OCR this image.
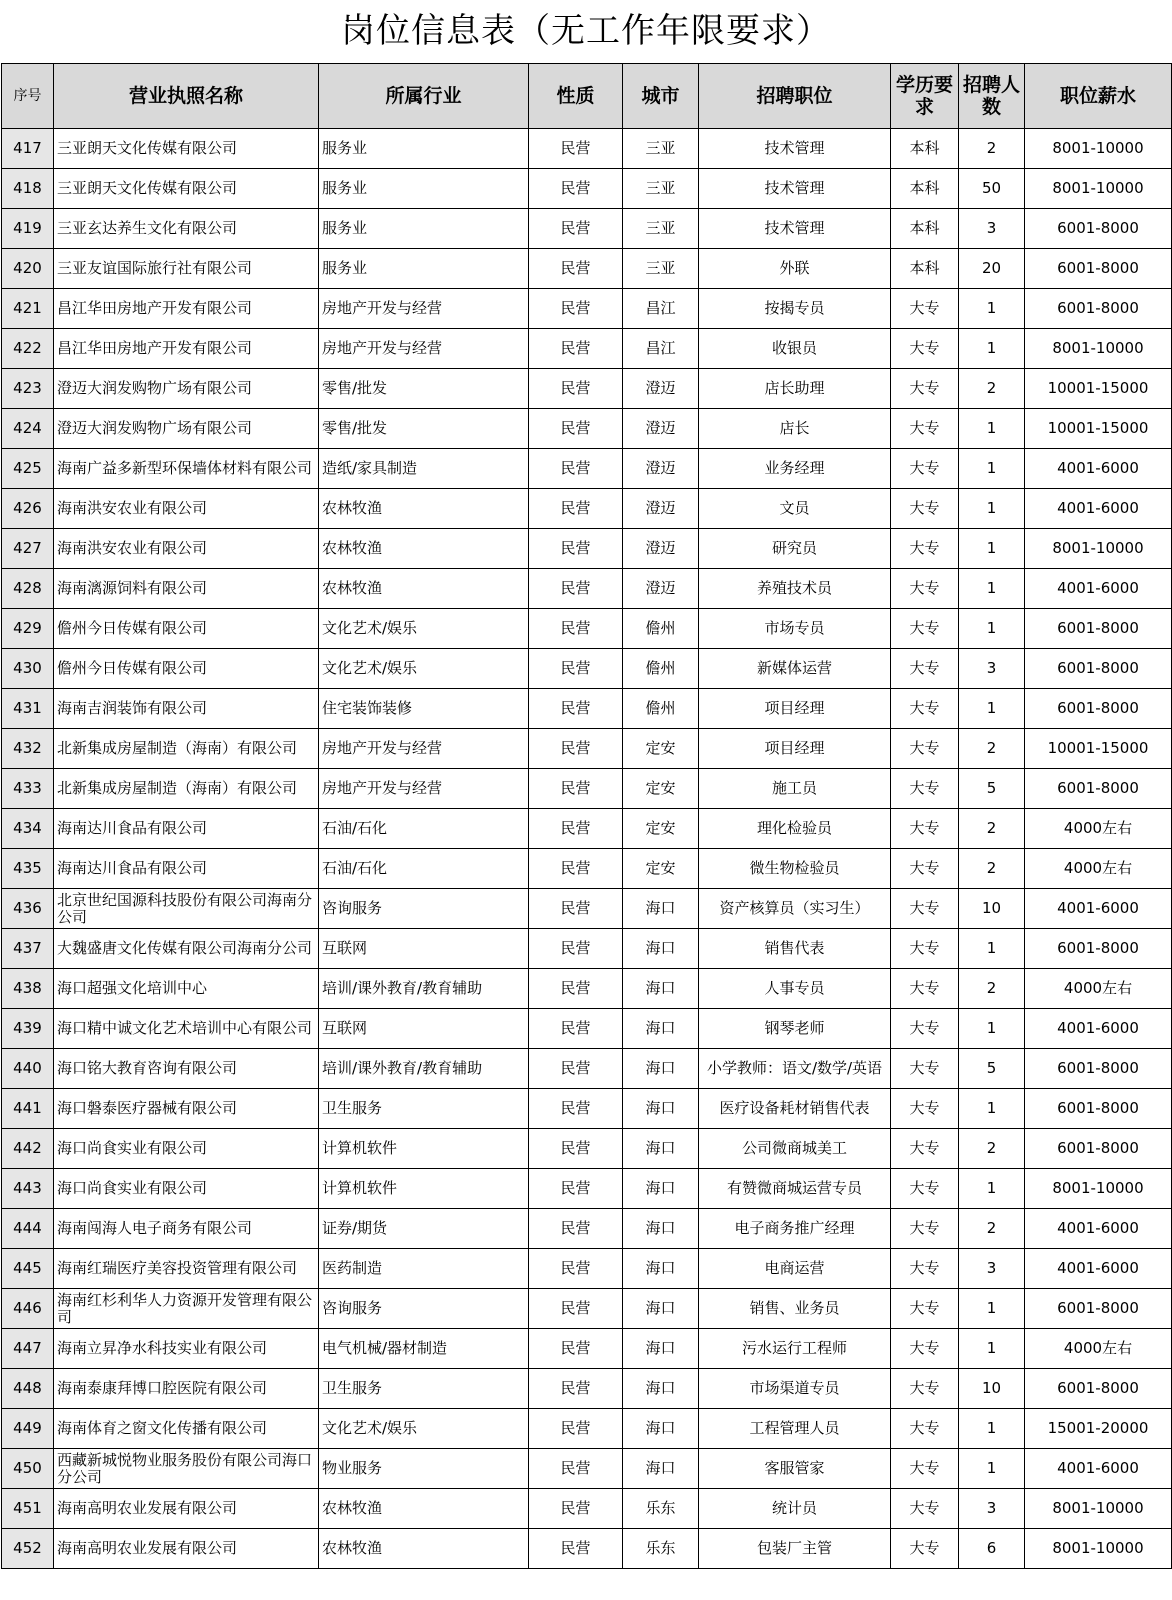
岗位信息表（无工作年限要求）
序号	营业执照名称	所属行业	性质	城市	招聘职位	学历要求	招聘人数	职位薪水
417	三亚朗天文化传媒有限公司	服务业	民营	三亚	技术管理	本科	2	8001-10000
418	三亚朗天文化传媒有限公司	服务业	民营	三亚	技术管理	本科	50	8001-10000
419	三亚玄达养生文化有限公司	服务业	民营	三亚	技术管理	本科	3	6001-8000
420	三亚友谊国际旅行社有限公司	服务业	民营	三亚	外联	本科	20	6001-8000
421	昌江华田房地产开发有限公司	房地产开发与经营	民营	昌江	按揭专员	大专	1	6001-8000
422	昌江华田房地产开发有限公司	房地产开发与经营	民营	昌江	收银员	大专	1	8001-10000
423	澄迈大润发购物广场有限公司	零售/批发	民营	澄迈	店长助理	大专	2	10001-15000
424	澄迈大润发购物广场有限公司	零售/批发	民营	澄迈	店长	大专	1	10001-15000
425	海南广益多新型环保墙体材料有限公司	造纸/家具制造	民营	澄迈	业务经理	大专	1	4001-6000
426	海南洪安农业有限公司	农林牧渔	民营	澄迈	文员	大专	1	4001-6000
427	海南洪安农业有限公司	农林牧渔	民营	澄迈	研究员	大专	1	8001-10000
428	海南漓源饲料有限公司	农林牧渔	民营	澄迈	养殖技术员	大专	1	4001-6000
429	儋州今日传媒有限公司	文化艺术/娱乐	民营	儋州	市场专员	大专	1	6001-8000
430	儋州今日传媒有限公司	文化艺术/娱乐	民营	儋州	新媒体运营	大专	3	6001-8000
431	海南吉润装饰有限公司	住宅装饰装修	民营	儋州	项目经理	大专	1	6001-8000
432	北新集成房屋制造（海南）有限公司	房地产开发与经营	民营	定安	项目经理	大专	2	10001-15000
433	北新集成房屋制造（海南）有限公司	房地产开发与经营	民营	定安	施工员	大专	5	6001-8000
434	海南达川食品有限公司	石油/石化	民营	定安	理化检验员	大专	2	4000左右
435	海南达川食品有限公司	石油/石化	民营	定安	微生物检验员	大专	2	4000左右
436	北京世纪国源科技股份有限公司海南分公司	咨询服务	民营	海口	资产核算员（实习生）	大专	10	4001-6000
437	大魏盛唐文化传媒有限公司海南分公司	互联网	民营	海口	销售代表	大专	1	6001-8000
438	海口超强文化培训中心	培训/课外教育/教育辅助	民营	海口	人事专员	大专	2	4000左右
439	海口精中诚文化艺术培训中心有限公司	互联网	民营	海口	钢琴老师	大专	1	4001-6000
440	海口铭大教育咨询有限公司	培训/课外教育/教育辅助	民营	海口	小学教师：语文/数学/英语	大专	5	6001-8000
441	海口磐泰医疗器械有限公司	卫生服务	民营	海口	医疗设备耗材销售代表	大专	1	6001-8000
442	海口尚食实业有限公司	计算机软件	民营	海口	公司微商城美工	大专	2	6001-8000
443	海口尚食实业有限公司	计算机软件	民营	海口	有赞微商城运营专员	大专	1	8001-10000
444	海南闯海人电子商务有限公司	证券/期货	民营	海口	电子商务推广经理	大专	2	4001-6000
445	海南红瑞医疗美容投资管理有限公司	医药制造	民营	海口	电商运营	大专	3	4001-6000
446	海南红杉利华人力资源开发管理有限公司	咨询服务	民营	海口	销售、业务员	大专	1	6001-8000
447	海南立昇净水科技实业有限公司	电气机械/器材制造	民营	海口	污水运行工程师	大专	1	4000左右
448	海南泰康拜博口腔医院有限公司	卫生服务	民营	海口	市场渠道专员	大专	10	6001-8000
449	海南体育之窗文化传播有限公司	文化艺术/娱乐	民营	海口	工程管理人员	大专	1	15001-20000
450	西藏新城悦物业服务股份有限公司海口分公司	物业服务	民营	海口	客服管家	大专	1	4001-6000
451	海南高明农业发展有限公司	农林牧渔	民营	乐东	统计员	大专	3	8001-10000
452	海南高明农业发展有限公司	农林牧渔	民营	乐东	包装厂主管	大专	6	8001-10000
